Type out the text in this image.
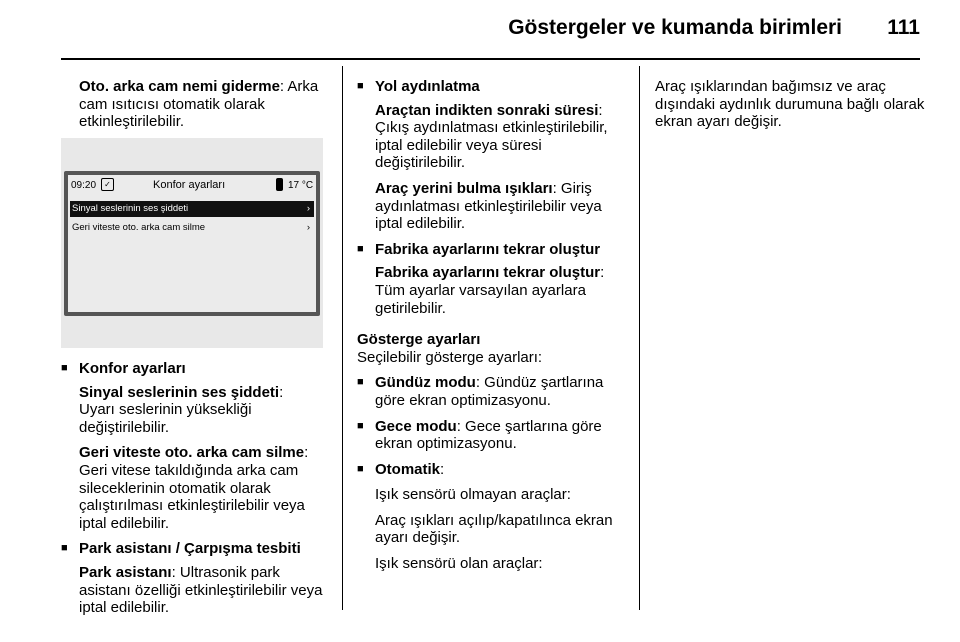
Göstergeler ve kumanda birimleri 111

Oto. arka cam nemi giderme: Arka cam ısıtıcısı otomatik olarak etkinleştirilebilir.

09:20	✓	Konfor ayarları	17 °C
Sinyal seslerinin ses şiddeti	›
Geri viteste oto. arka cam silme	›
■ Konfor ayarları

Sinyal seslerinin ses şiddeti: Uyarı seslerinin yüksekliği değiştirilebilir.

Geri viteste oto. arka cam silme: Geri vitese takıldığında arka cam sileceklerinin otomatik olarak çalıştırılması etkinleştirilebilir veya iptal edilebilir.

■ Park asistanı / Çarpışma tesbiti

Park asistanı: Ultrasonik park asistanı özelliği etkinleştirilebilir veya iptal edilebilir.

■ Yol aydınlatma

Araçtan indikten sonraki süresi: Çıkış aydınlatması etkinleştirilebilir, iptal edilebilir veya süresi değiştirilebilir.

Araç yerini bulma ışıkları: Giriş aydınlatması etkinleştirilebilir veya iptal edilebilir.

■ Fabrika ayarlarını tekrar oluştur

Fabrika ayarlarını tekrar oluştur: Tüm ayarlar varsayılan ayarlara getirilebilir.

Gösterge ayarları

Seçilebilir gösterge ayarları:

■ Gündüz modu: Gündüz şartlarına göre ekran optimizasyonu.

■ Gece modu: Gece şartlarına göre ekran optimizasyonu.

■ Otomatik:

Işık sensörü olmayan araçlar:

Araç ışıkları açılıp/kapatılınca ekran ayarı değişir.

Işık sensörü olan araçlar:

Araç ışıklarından bağımsız ve araç dışındaki aydınlık durumuna bağlı olarak ekran ayarı değişir.
